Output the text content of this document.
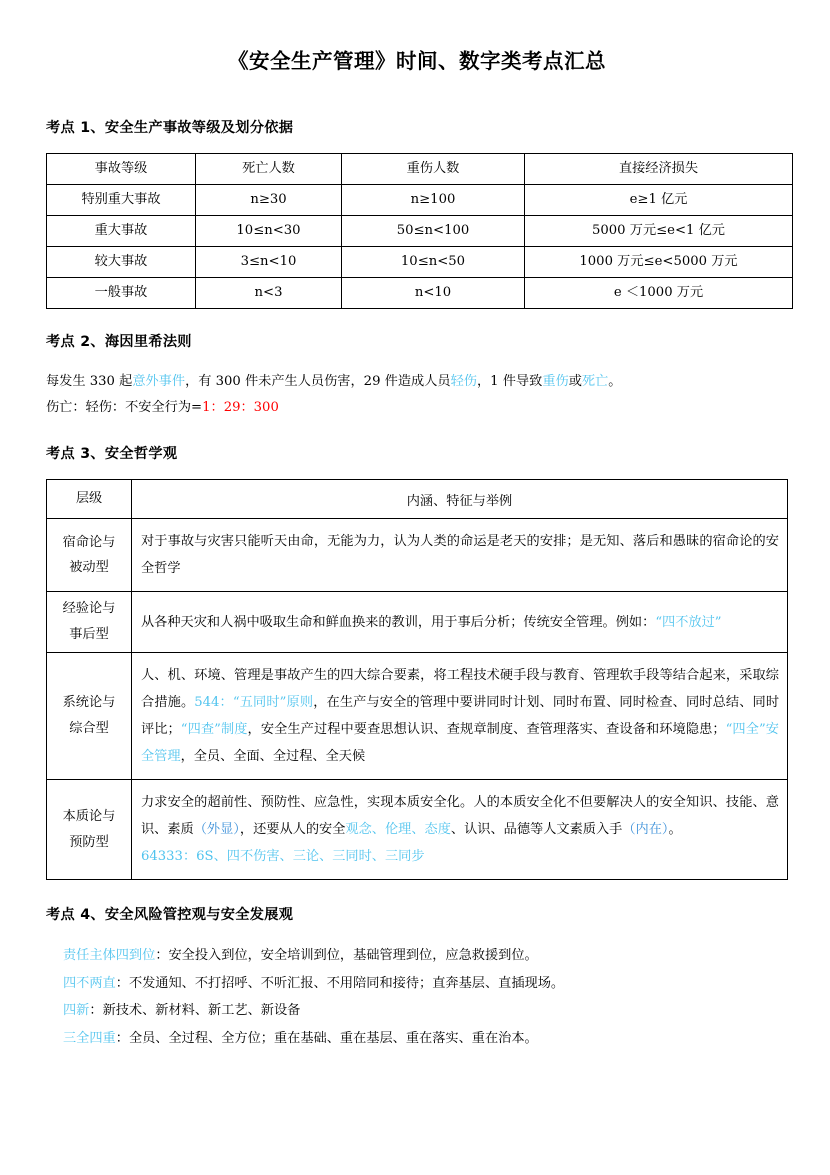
《安全生产管理》时间、数字类考点汇总
考点 1、安全生产事故等级及划分依据
事故等级	死亡人数	重伤人数	直接经济损失
特别重大事故	n≥30	n≥100	e≥1 亿元
重大事故	10≤n<30	50≤n<100	5000 万元≤e<1 亿元
较大事故	3≤n<10	10≤n<50	1000 万元≤e<5000 万元
一般事故	n<3	n<10	e ＜1000 万元
考点 2、海因里希法则
每发生 330 起意外事件，有 300 件未产生人员伤害，29 件造成人员轻伤，1 件导致重伤或死亡。
伤亡：轻伤：不安全行为=1：29：300
考点 3、安全哲学观
层级	内涵、特征与举例

宿命论与
被动型	对于事故与灾害只能听天由命，无能为力，认为人类的命运是老天的安排；是无知、落后和愚昧的宿命论的安全哲学

经验论与
事后型	从各种天灾和人祸中吸取生命和鲜血换来的教训，用于事后分析；传统安全管理。例如：“四不放过”

系统论与
综合型	人、机、环境、管理是事故产生的四大综合要素，将工程技术硬手段与教育、管理软手段等结合起来，采取综合措施。544：“五同时”原则，在生产与安全的管理中要讲同时计划、同时布置、同时检查、同时总结、同时评比；“四查”制度，安全生产过程中要查思想认识、查规章制度、查管理落实、查设备和环境隐患；“四全”安全管理，全员、全面、全过程、全天候

本质论与
预防型	力求安全的超前性、预防性、应急性，实现本质安全化。人的本质安全化不但要解决人的安全知识、技能、意识、素质（外显），还要从人的安全观念、伦理、态度、认识、品德等人文素质入手（内在）。
64333：6S、四不伤害、三论、三同时、三同步
考点 4、安全风险管控观与安全发展观
责任主体四到位：安全投入到位，安全培训到位，基础管理到位，应急救援到位。
四不两直：不发通知、不打招呼、不听汇报、不用陪同和接待；直奔基层、直插现场。
四新：新技术、新材料、新工艺、新设备
三全四重：全员、全过程、全方位；重在基础、重在基层、重在落实、重在治本。
